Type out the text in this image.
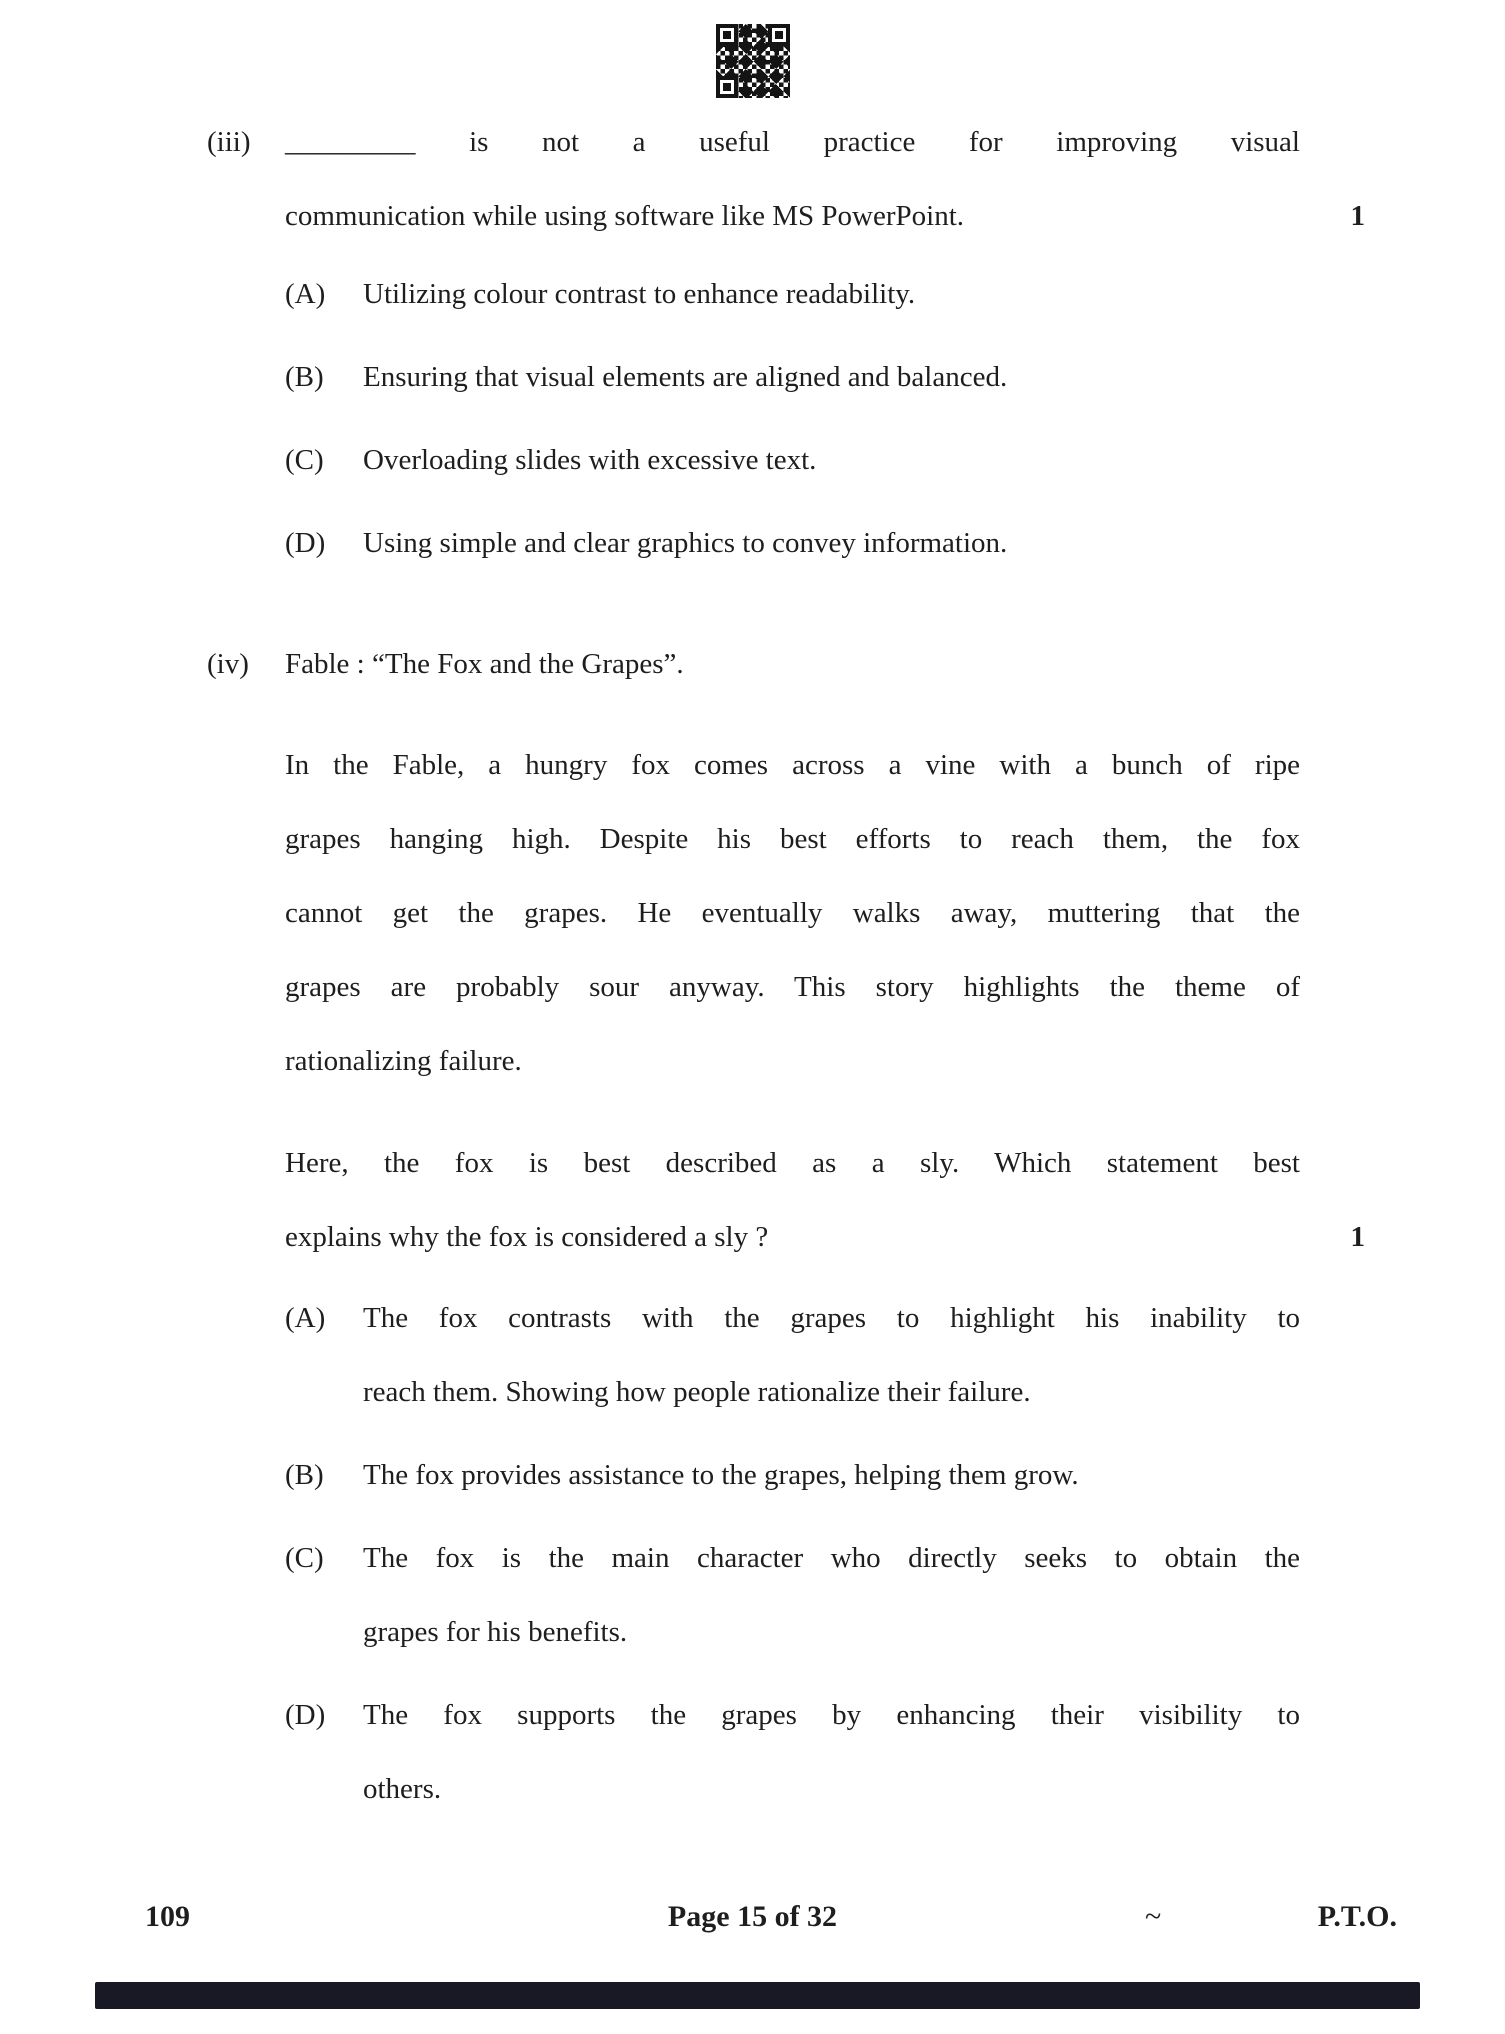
(iii) _________ is not a useful practice for improving visual
communication while using software like MS PowerPoint.	1
(A) Utilizing colour contrast to enhance readability.
(B) Ensuring that visual elements are aligned and balanced.
(C) Overloading slides with excessive text.
(D) Using simple and clear graphics to convey information.
(iv) Fable : “The Fox and the Grapes”.
In the Fable, a hungry fox comes across a vine with a bunch of ripe
grapes hanging high. Despite his best efforts to reach them, the fox
cannot get the grapes. He eventually walks away, muttering that the
grapes are probably sour anyway. This story highlights the theme of
rationalizing failure.
Here, the fox is best described as a sly. Which statement best
explains why the fox is considered a sly ?	1
(A) The fox contrasts with the grapes to highlight his inability to
reach them. Showing how people rationalize their failure.
(B) The fox provides assistance to the grapes, helping them grow.
(C) The fox is the main character who directly seeks to obtain the
grapes for his benefits.
(D) The fox supports the grapes by enhancing their visibility to
others.
109	Page 15 of 32	~	P.T.O.
